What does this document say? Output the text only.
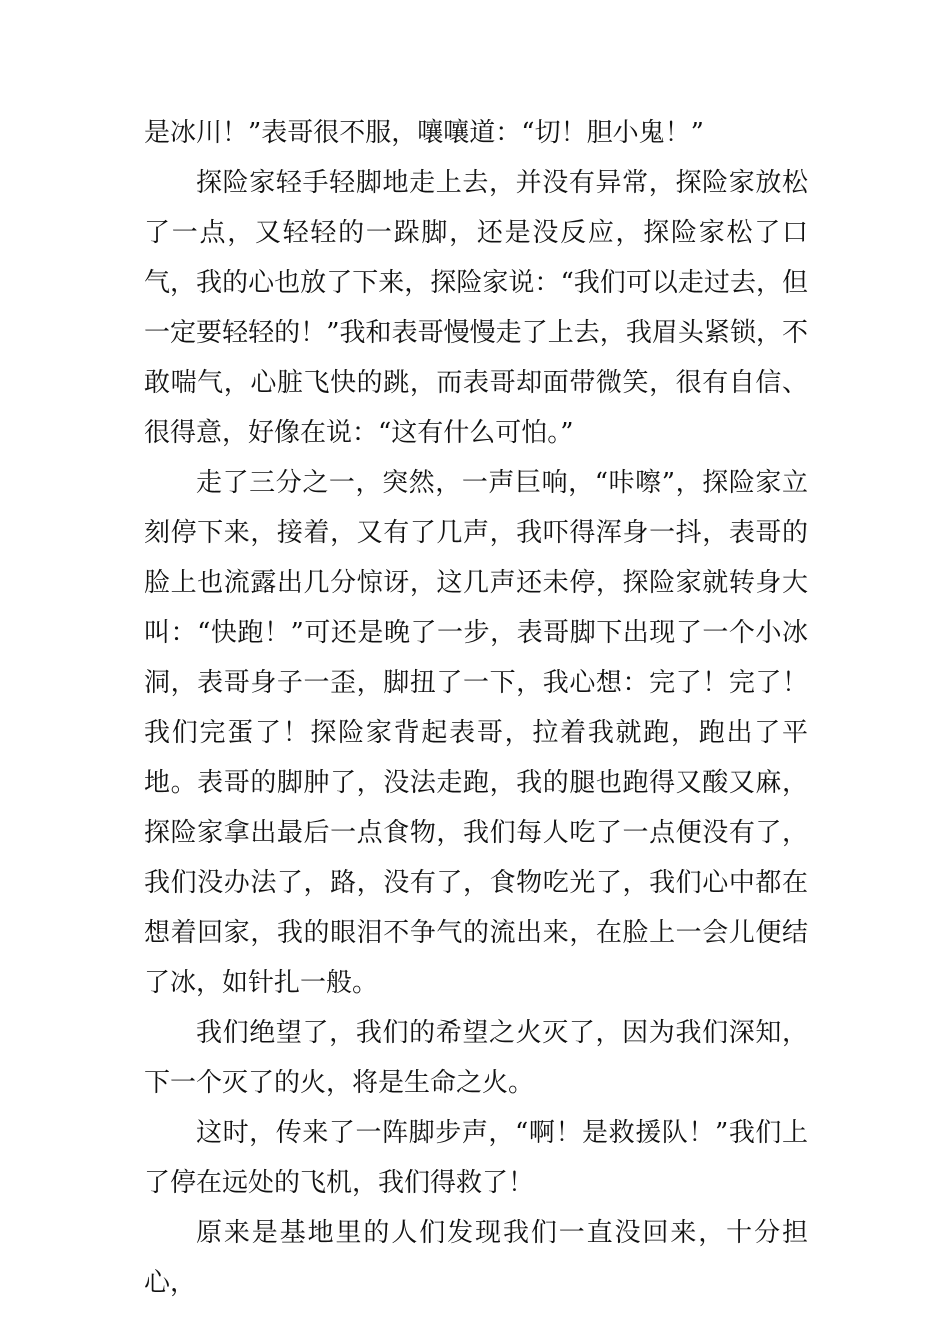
是冰川！”表哥很不服，嚷嚷道：“切！胆小鬼！”

探险家轻手轻脚地走上去，并没有异常，探险家放松了一点，又轻轻的一跺脚，还是没反应，探险家松了口气，我的心也放了下来，探险家说：“我们可以走过去，但一定要轻轻的！”我和表哥慢慢走了上去，我眉头紧锁，不敢喘气，心脏飞快的跳，而表哥却面带微笑，很有自信、很得意，好像在说：“这有什么可怕。”

走了三分之一，突然，一声巨响，“咔嚓”，探险家立刻停下来，接着，又有了几声，我吓得浑身一抖，表哥的脸上也流露出几分惊讶，这几声还未停，探险家就转身大叫：“快跑！”可还是晚了一步，表哥脚下出现了一个小冰洞，表哥身子一歪，脚扭了一下，我心想：完了！完了！我们完蛋了！探险家背起表哥，拉着我就跑，跑出了平地。表哥的脚肿了，没法走跑，我的腿也跑得又酸又麻，探险家拿出最后一点食物，我们每人吃了一点便没有了，我们没办法了，路，没有了，食物吃光了，我们心中都在想着回家，我的眼泪不争气的流出来，在脸上一会儿便结了冰，如针扎一般。

我们绝望了，我们的希望之火灭了，因为我们深知，下一个灭了的火，将是生命之火。

这时，传来了一阵脚步声，“啊！是救援队！”我们上了停在远处的飞机，我们得救了！

原来是基地里的人们发现我们一直没回来，十分担心，
